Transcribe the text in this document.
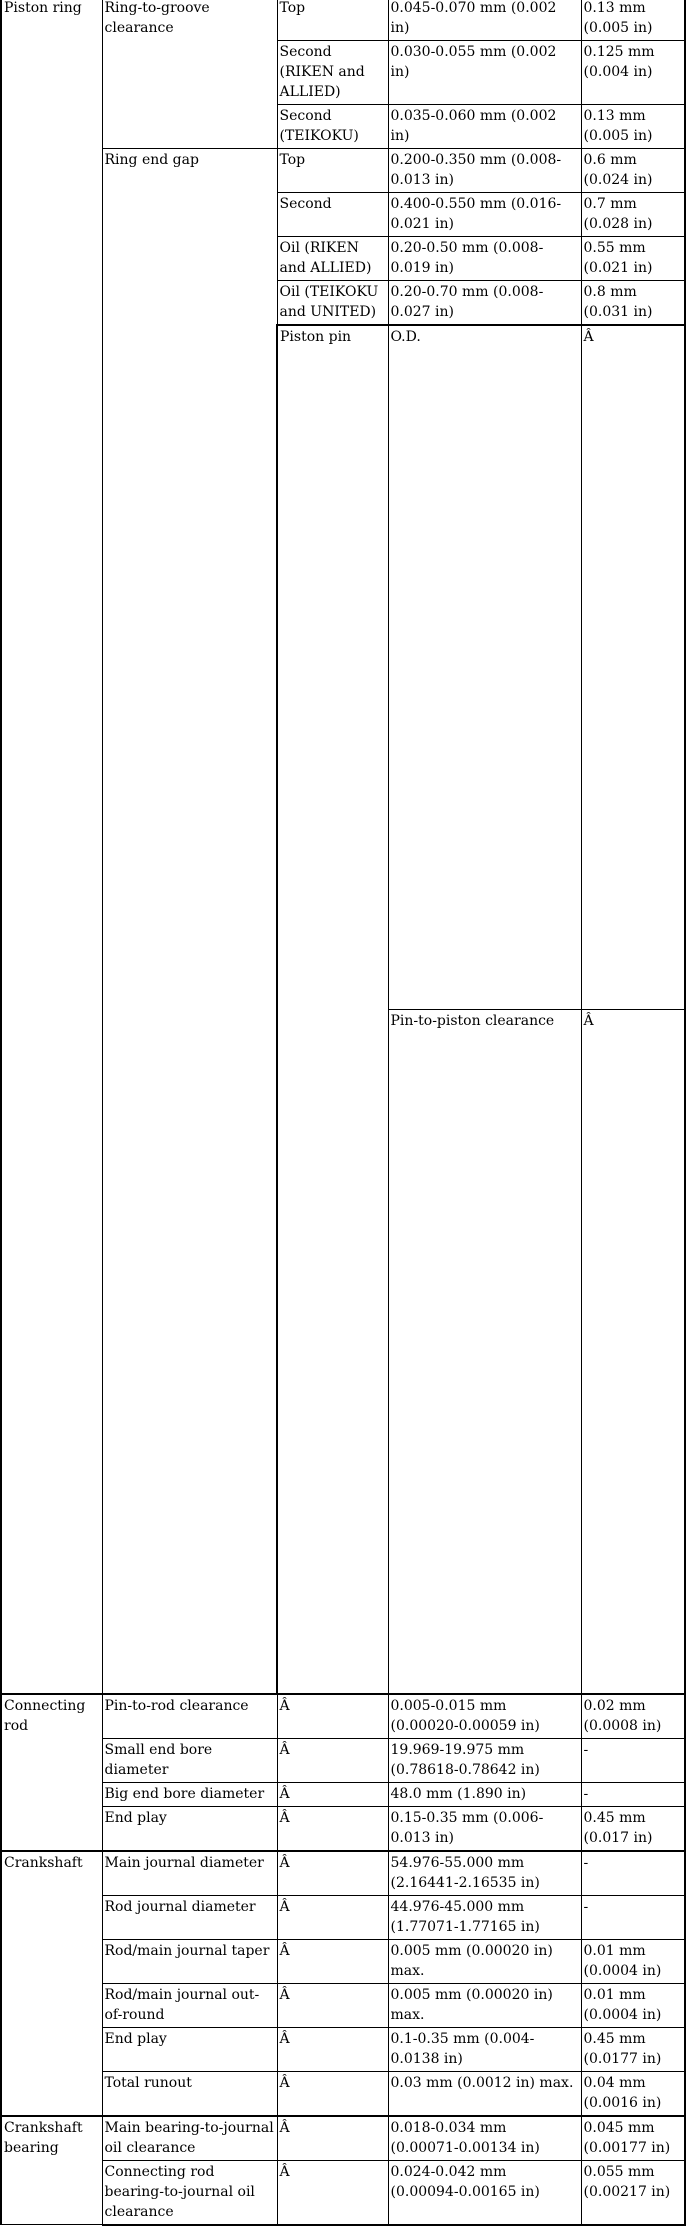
Piston ring	Ring-to-groove clearance	Top	0.045-0.070 mm (0.002 in)	0.13 mm (0.005 in)	
		Second (RIKEN and ALLIED)	0.030-0.055 mm (0.002 in)	0.125 mm (0.004 in)	
		Second (TEIKOKU)	0.035-0.060 mm (0.002 in)	0.13 mm (0.005 in)	
	Ring end gap	Top	0.200-0.350 mm (0.008-0.013 in)	0.6 mm (0.024 in)	
		Second	0.400-0.550 mm (0.016-0.021 in)	0.7 mm (0.028 in)	
		Oil (RIKEN and ALLIED)	0.20-0.50 mm (0.008-0.019 in)	0.55 mm (0.021 in)	
		Oil (TEIKOKU and UNITED)	0.20-0.70 mm (0.008-0.027 in)	0.8 mm (0.031 in)	
		Piston pin	O.D.	Â		
			Pin-to-piston clearance	Â		
Connecting rod	Pin-to-rod clearance	Â	0.005-0.015 mm (0.00020-0.00059 in)	0.02 mm (0.0008 in)	
	Small end bore diameter	Â	19.969-19.975 mm (0.78618-0.78642 in)	-	
	Big end bore diameter	Â	48.0 mm (1.890 in)	-	
	End play	Â	0.15-0.35 mm (0.006-0.013 in)	0.45 mm (0.017 in)	
Crankshaft	Main journal diameter	Â	54.976-55.000 mm (2.16441-2.16535 in)	-	
	Rod journal diameter	Â	44.976-45.000 mm (1.77071-1.77165 in)	-	
	Rod/main journal taper	Â	0.005 mm (0.00020 in) max.	0.01 mm (0.0004 in)	
	Rod/main journal out-of-round	Â	0.005 mm (0.00020 in) max.	0.01 mm (0.0004 in)	
	End play	Â	0.1-0.35 mm (0.004-0.0138 in)	0.45 mm (0.0177 in)	
	Total runout	Â	0.03 mm (0.0012 in) max.	0.04 mm (0.0016 in)	
Crankshaft bearing	Main bearing-to-journal oil clearance	Â	0.018-0.034 mm (0.00071-0.00134 in)	0.045 mm (0.00177 in)	
	Connecting rod bearing-to-journal oil clearance	Â	0.024-0.042 mm (0.00094-0.00165 in)	0.055 mm (0.00217 in)	
